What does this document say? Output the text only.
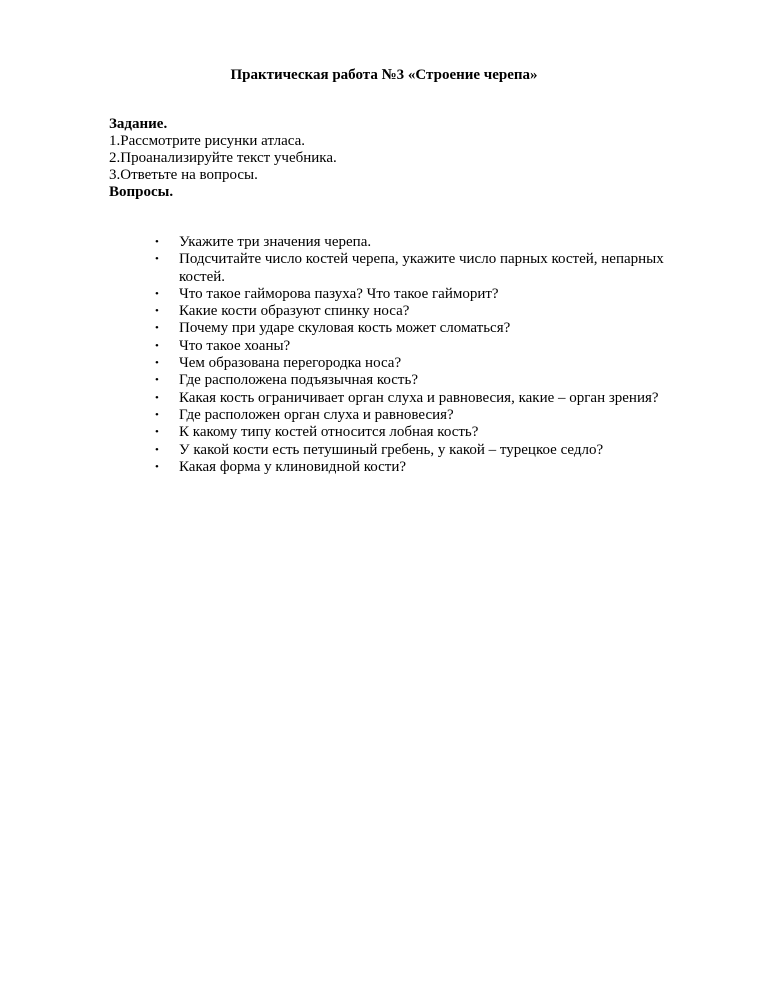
Практическая работа №3 «Строение черепа»
Задание.
1.Рассмотрите рисунки атласа.
2.Проанализируйте текст учебника.
3.Ответьте на вопросы.
Вопросы.
• Укажите три значения черепа.
• Подсчитайте число костей черепа, укажите число парных костей, непарных костей.
• Что такое гайморова пазуха? Что такое гайморит?
• Какие кости образуют спинку носа?
• Почему при ударе скуловая кость может сломаться?
• Что такое хоаны?
• Чем образована перегородка носа?
• Где расположена подъязычная кость?
• Какая кость ограничивает орган слуха и равновесия, какие – орган зрения?
• Где расположен орган слуха и равновесия?
• К какому типу костей относится лобная кость?
• У какой кости есть петушиный гребень, у какой – турецкое седло?
• Какая форма у клиновидной кости?
